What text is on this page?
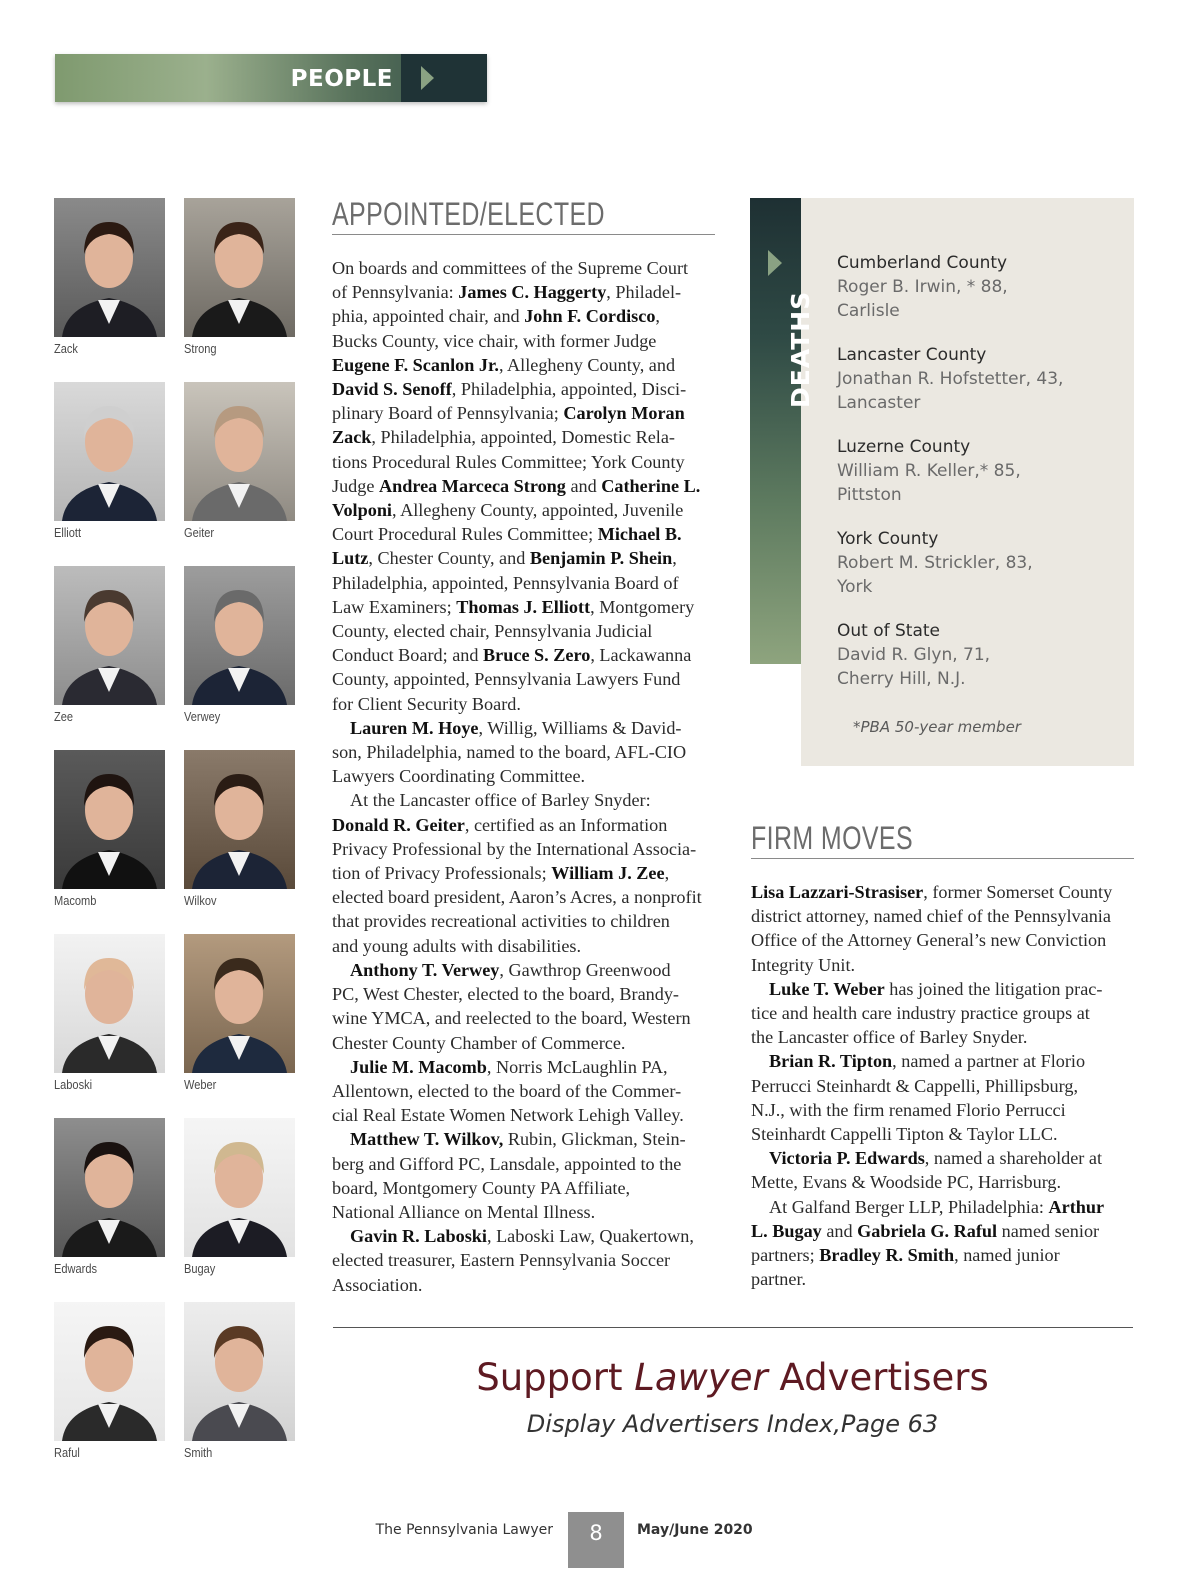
PEOPLE
Zack	Strong
Elliott	Geiter
Zee	Verwey
Macomb	Wilkov
Laboski	Weber
Edwards	Bugay
Raful	Smith
APPOINTED/ELECTED

On boards and committees of the Supreme Court

of Pennsylvania: James C. Haggerty, Philadel-

phia, appointed chair, and John F. Cordisco,

Bucks County, vice chair, with former Judge

Eugene F. Scanlon Jr., Allegheny County, and

David S. Senoff, Philadelphia, appointed, Disci-

plinary Board of Pennsylvania; Carolyn Moran

Zack, Philadelphia, appointed, Domestic Rela-

tions Procedural Rules Committee; York County

Judge Andrea Marceca Strong and Catherine L.

Volponi, Allegheny County, appointed, Juvenile

Court Procedural Rules Committee; Michael B.

Lutz, Chester County, and Benjamin P. Shein,

Philadelphia, appointed, Pennsylvania Board of

Law Examiners; Thomas J. Elliott, Montgomery

County, elected chair, Pennsylvania Judicial

Conduct Board; and Bruce S. Zero, Lackawanna

County, appointed, Pennsylvania Lawyers Fund

for Client Security Board.

Lauren M. Hoye, Willig, Williams & David-

son, Philadelphia, named to the board, AFL-CIO

Lawyers Coordinating Committee.

At the Lancaster office of Barley Snyder:

Donald R. Geiter, certified as an Information

Privacy Professional by the International Associa-

tion of Privacy Professionals; William J. Zee,

elected board president, Aaron’s Acres, a nonprofit

that provides recreational activities to children

and young adults with disabilities.

Anthony T. Verwey, Gawthrop Greenwood

PC, West Chester, elected to the board, Brandy-

wine YMCA, and reelected to the board, Western

Chester County Chamber of Commerce.

Julie M. Macomb, Norris McLaughlin PA,

Allentown, elected to the board of the Commer-

cial Real Estate Women Network Lehigh Valley.

Matthew T. Wilkov, Rubin, Glickman, Stein-

berg and Gifford PC, Lansdale, appointed to the

board, Montgomery County PA Affiliate,

National Alliance on Mental Illness.

Gavin R. Laboski, Laboski Law, Quakertown,

elected treasurer, Eastern Pennsylvania Soccer

Association.

DEATHS
Cumberland County
Roger B. Irwin, * 88,
Carlisle
Lancaster County
Jonathan R. Hofstetter, 43,
Lancaster
Luzerne County
William R. Keller,* 85,
Pittston
York County
Robert M. Strickler, 83,
York
Out of State
David R. Glyn, 71,
Cherry Hill, N.J.
*PBA 50-year member
FIRM MOVES

Lisa Lazzari-Strasiser, former Somerset County

district attorney, named chief of the Pennsylvania

Office of the Attorney General’s new Conviction

Integrity Unit.

Luke T. Weber has joined the litigation prac-

tice and health care industry practice groups at

the Lancaster office of Barley Snyder.

Brian R. Tipton, named a partner at Florio

Perrucci Steinhardt & Cappelli, Phillipsburg,

N.J., with the firm renamed Florio Perrucci

Steinhardt Cappelli Tipton & Taylor LLC.

Victoria P. Edwards, named a shareholder at

Mette, Evans & Woodside PC, Harrisburg.

At Galfand Berger LLP, Philadelphia: Arthur

L. Bugay and Gabriela G. Raful named senior

partners; Bradley R. Smith, named junior

partner.

Support Lawyer Advertisers
Display Advertisers Index,Page 63
The Pennsylvania Lawyer	8	May/June 2020
